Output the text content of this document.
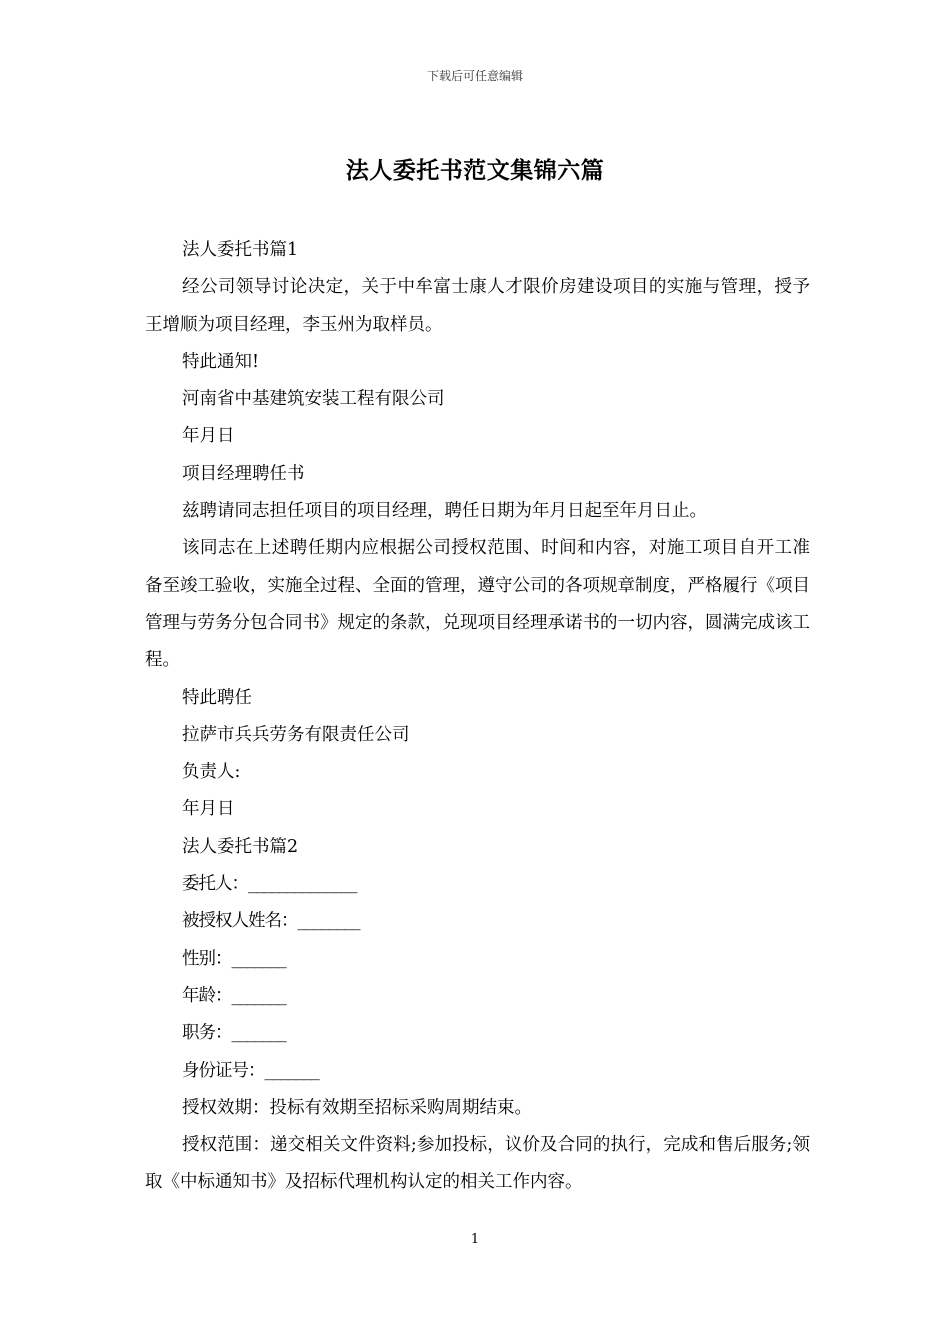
下载后可任意编辑
法人委托书范文集锦六篇

法人委托书篇1

经公司领导讨论决定，关于中牟富士康人才限价房建设项目的实施与管理，授予王增顺为项目经理，李玉州为取样员。

特此通知!

河南省中基建筑安装工程有限公司

年月日

项目经理聘任书

兹聘请同志担任项目的项目经理，聘任日期为年月日起至年月日止。

该同志在上述聘任期内应根据公司授权范围、时间和内容，对施工项目自开工准备至竣工验收，实施全过程、全面的管理，遵守公司的各项规章制度，严格履行《项目管理与劳务分包合同书》规定的条款，兑现项目经理承诺书的一切内容，圆满完成该工程。

特此聘任

拉萨市兵兵劳务有限责任公司

负责人:

年月日

法人委托书篇2

委托人：______________

被授权人姓名：________

性别：_______

年龄：_______

职务：_______

身份证号：_______

授权效期：投标有效期至招标采购周期结束。

授权范围：递交相关文件资料;参加投标，议价及合同的执行，完成和售后服务;领取《中标通知书》及招标代理机构认定的相关工作内容。

1
